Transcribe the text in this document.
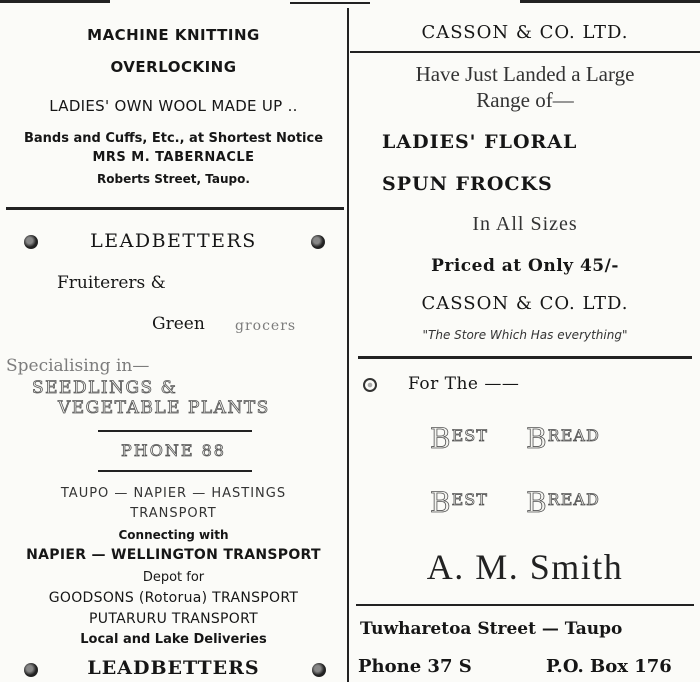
MACHINE KNITTING
OVERLOCKING
LADIES' OWN WOOL MADE UP ..
Bands and Cuffs, Etc., at Shortest Notice
MRS M. TABERNACLE
Roberts Street, Taupo.
LEADBETTERS
Fruiterers &
Green grocers
Specialising in—
SEEDLINGS &
VEGETABLE PLANTS
PHONE 88
TAUPO — NAPIER — HASTINGS
TRANSPORT
Connecting with
NAPIER — WELLINGTON TRANSPORT
Depot for
GOODSONS (Rotorua) TRANSPORT
PUTARURU TRANSPORT
Local and Lake Deliveries
LEADBETTERS
CASSON & CO. LTD.
Have Just Landed a Large
Range of—
LADIES' FLORAL
SPUN FROCKS
In All Sizes
Priced at Only 45/-
CASSON & CO. LTD.
"The Store Which Has everything"
For The ——
BEST BREAD
BEST BREAD
A. M. Smith
Tuwharetoa Street — Taupo
Phone 37 S	P.O. Box 176
